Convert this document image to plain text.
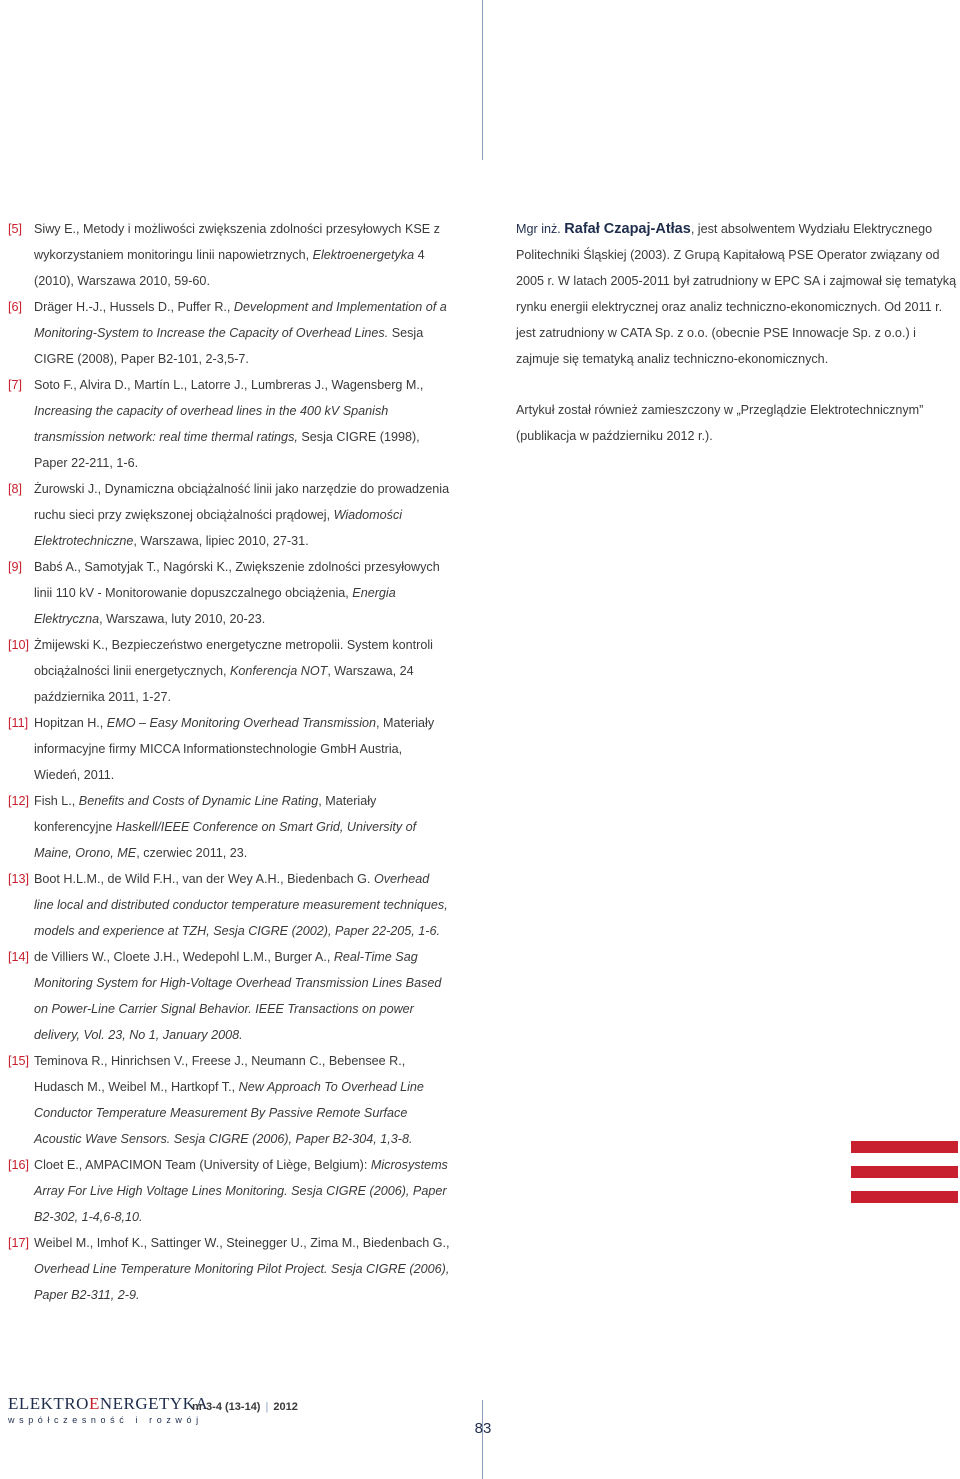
[5] Siwy E., Metody i możliwości zwiększenia zdolności przesyłowych KSE z wykorzystaniem monitoringu linii napowietrznych, Elektroenergetyka 4 (2010), Warszawa 2010, 59-60.
[6] Dräger H.-J., Hussels D., Puffer R., Development and Implementation of a Monitoring-System to Increase the Capacity of Overhead Lines. Sesja CIGRE (2008), Paper B2-101, 2-3,5-7.
[7] Soto F., Alvira D., Martín L., Latorre J., Lumbreras J., Wagensberg M., Increasing the capacity of overhead lines in the 400 kV Spanish transmission network: real time thermal ratings, Sesja CIGRE (1998), Paper 22-211, 1-6.
[8] Żurowski J., Dynamiczna obciążalność linii jako narzędzie do prowadzenia ruchu sieci przy zwiększonej obciążalności prądowej, Wiadomości Elektrotechniczne, Warszawa, lipiec 2010, 27-31.
[9] Babś A., Samotyjak T., Nagórski K., Zwiększenie zdolności przesyłowych linii 110 kV - Monitorowanie dopuszczalnego obciążenia, Energia Elektryczna, Warszawa, luty 2010, 20-23.
[10] Żmijewski K., Bezpieczeństwo energetyczne metropolii. System kontroli obciążalności linii energetycznych, Konferencja NOT, Warszawa, 24 października 2011, 1-27.
[11] Hopitzan H., EMO – Easy Monitoring Overhead Transmission, Materiały informacyjne firmy MICCA Informationstechnologie GmbH Austria, Wiedeń, 2011.
[12] Fish L., Benefits and Costs of Dynamic Line Rating, Materiały konferencyjne Haskell/IEEE Conference on Smart Grid, University of Maine, Orono, ME, czerwiec 2011, 23.
[13] Boot H.L.M., de Wild F.H., van der Wey A.H., Biedenbach G. Overhead line local and distributed conductor temperature measurement techniques, models and experience at TZH, Sesja CIGRE (2002), Paper 22-205, 1-6.
[14] de Villiers W., Cloete J.H., Wedepohl L.M., Burger A., Real-Time Sag Monitoring System for High-Voltage Overhead Transmission Lines Based on Power-Line Carrier Signal Behavior. IEEE Transactions on power delivery, Vol. 23, No 1, January 2008.
[15] Teminova R., Hinrichsen V., Freese J., Neumann C., Bebensee R., Hudasch M., Weibel M., Hartkopf T., New Approach To Overhead Line Conductor Temperature Measurement By Passive Remote Surface Acoustic Wave Sensors. Sesja CIGRE (2006), Paper B2-304, 1,3-8.
[16] Cloet E., AMPACIMON Team (University of Liège, Belgium): Microsystems Array For Live High Voltage Lines Monitoring. Sesja CIGRE (2006), Paper B2-302, 1-4,6-8,10.
[17] Weibel M., Imhof K., Sattinger W., Steinegger U., Zima M., Biedenbach G., Overhead Line Temperature Monitoring Pilot Project. Sesja CIGRE (2006), Paper B2-311, 2-9.
Mgr inż. Rafał Czapaj-Atłas, jest absolwentem Wydziału Elektrycznego Politechniki Śląskiej (2003). Z Grupą Kapitałową PSE Operator związany od 2005 r. W latach 2005-2011 był zatrudniony w EPC SA i zajmował się tematyką rynku energii elektrycznej oraz analiz techniczno-ekonomicznych. Od 2011 r. jest zatrudniony w CATA Sp. z o.o. (obecnie PSE Innowacje Sp. z o.o.) i zajmuje się tematyką analiz techniczno-ekonomicznych.
Artykuł został również zamieszczony w „Przeglądzie Elektrotechnicznym” (publikacja w październiku 2012 r.).
ELEKTROENERGETYKA
współczesność i rozwój
nr 3-4 (13-14) | 2012
83
